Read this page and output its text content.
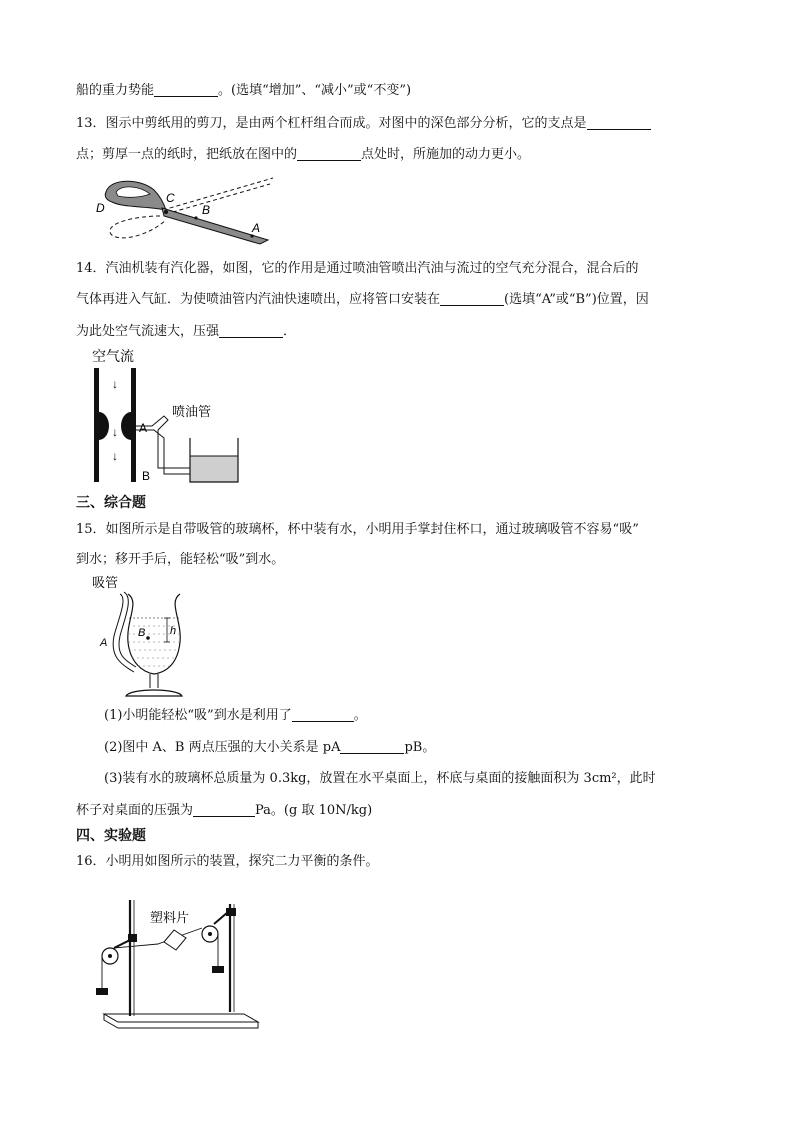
船的重力势能	。(选填“增加”、“减小”或“不变”)
13．图示中剪纸用的剪刀，是由两个杠杆组合而成。对图中的深色部分分析，它的支点是
点；剪厚一点的纸时，把纸放在图中的	点处时，所施加的动力更小。
C
D	B
A
14．汽油机装有汽化器，如图，它的作用是通过喷油管喷出汽油与流过的空气充分混合，混合后的
气体再进入气缸．为使喷油管内汽油快速喷出，应将管口安装在	(选填“A”或“B”)位置，因
为此处空气流速大，压强	．
空气流
↓
↓
↓
A
B
喷油管
三、综合题
15．如图所示是自带吸管的玻璃杯，杯中装有水，小明用手掌封住杯口，通过玻璃吸管不容易“吸”
到水；移开手后，能轻松“吸”到水。
吸管
B
A
h
(1)小明能轻松“吸”到水是利用了	。
(2)图中 A、B 两点压强的大小关系是 pA	pB。
(3)装有水的玻璃杯总质量为 0.3kg，放置在水平桌面上，杯底与桌面的接触面积为 3cm²，此时
杯子对桌面的压强为	Pa。(g 取 10N/kg)
四、实验题
16．小明用如图所示的装置，探究二力平衡的条件。
塑料片
